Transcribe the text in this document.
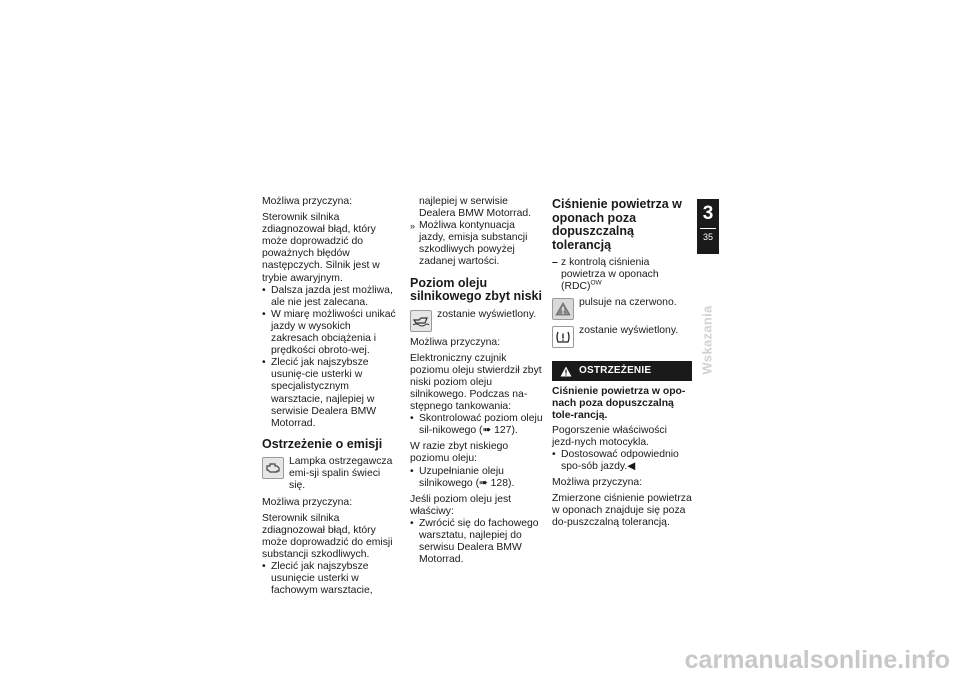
Możliwa przyczyna:

Sterownik silnika zdiagnozował błąd, który może doprowadzić do poważnych błędów następczych. Silnik jest w trybie awaryjnym.

• Dalsza jazda jest możliwa, ale nie jest zalecana.
• W miarę możliwości unikać jazdy w wysokich zakresach obciążenia i prędkości obroto-wej.
• Zlecić jak najszybsze usunię-cie usterki w specjalistycznym warsztacie, najlepiej w serwisie Dealera BMW Motorrad.
Ostrzeżenie o emisji
Lampka ostrzegawcza emi-sji spalin świeci się.

Możliwa przyczyna:

Sterownik silnika zdiagnozował błąd, który może doprowadzić do emisji substancji szkodliwych.

• Zlecić jak najszybsze usunięcie usterki w fachowym warsztacie,

najlepiej w serwisie Dealera BMW Motorrad.

» Możliwa kontynuacja jazdy, emisja substancji szkodliwych powyżej zadanej wartości.
Poziom oleju silnikowego zbyt niski
zostanie wyświetlony.

Możliwa przyczyna:

Elektroniczny czujnik poziomu oleju stwierdził zbyt niski poziom oleju silnikowego. Podczas na-stępnego tankowania:

• Skontrolować poziom oleju sil-nikowego (➠ 127).

W razie zbyt niskiego poziomu oleju:

• Uzupełnianie oleju silnikowego (➠ 128).

Jeśli poziom oleju jest właściwy:

• Zwrócić się do fachowego warsztatu, najlepiej do serwisu Dealera BMW Motorrad.
Ciśnienie powietrza w oponach poza dopuszczalną tolerancją
– z kontrolą ciśnienia powietrza w oponach (RDC)$^{OW}$
pulsuje na czerwono.
zostanie wyświetlony.
OSTRZEŻENIE

Ciśnienie powietrza w opo-nach poza dopuszczalną tole-rancją.

Pogorszenie właściwości jezd-nych motocykla.

• Dostosować odpowiednio spo-sób jazdy.◀

Możliwa przyczyna:

Zmierzone ciśnienie powietrza w oponach znajduje się poza do-puszczalną tolerancją.

3
35
Wskazania
carmanualsonline.info
